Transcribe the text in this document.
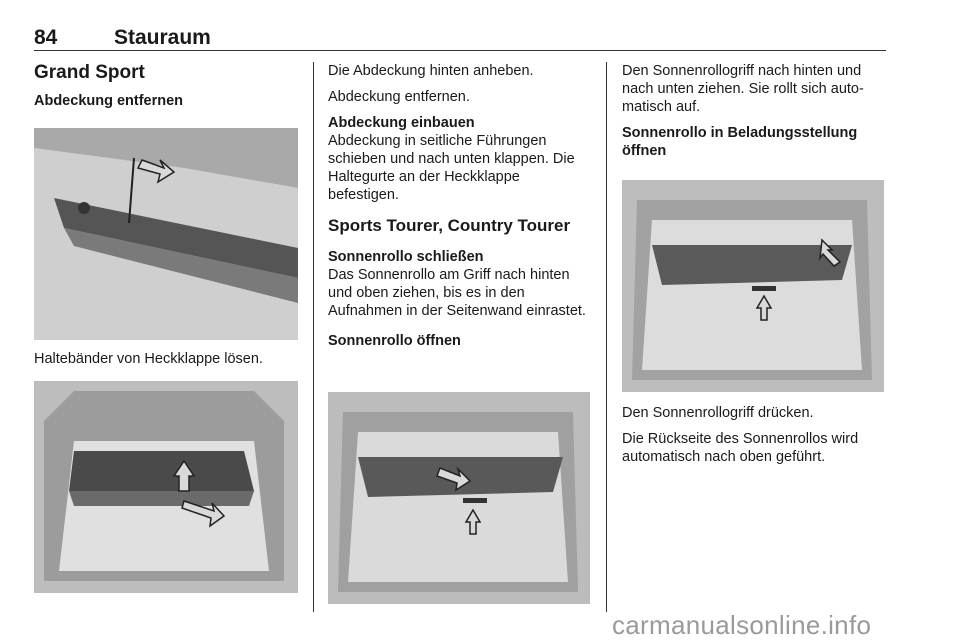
84	Stauraum
Grand Sport
Abdeckung entfernen
Haltebänder von Heckklappe lösen.
Die Abdeckung hinten anheben.
Abdeckung entfernen.
Abdeckung einbauen
Abdeckung in seitliche Führungen schieben und nach unten klappen. Die Haltegurte an der Heckklappe befestigen.
Sports Tourer, Country Tourer
Sonnenrollo schließen
Das Sonnenrollo am Griff nach hinten und oben ziehen, bis es in den Aufnahmen in der Seitenwand einrastet.
Sonnenrollo öffnen
Den Sonnenrollogriff nach hinten und nach unten ziehen. Sie rollt sich automatisch auf.
Sonnenrollo in Beladungsstellung öffnen
Den Sonnenrollogriff drücken.
Die Rückseite des Sonnenrollos wird automatisch nach oben geführt.
carmanualsonline.info
